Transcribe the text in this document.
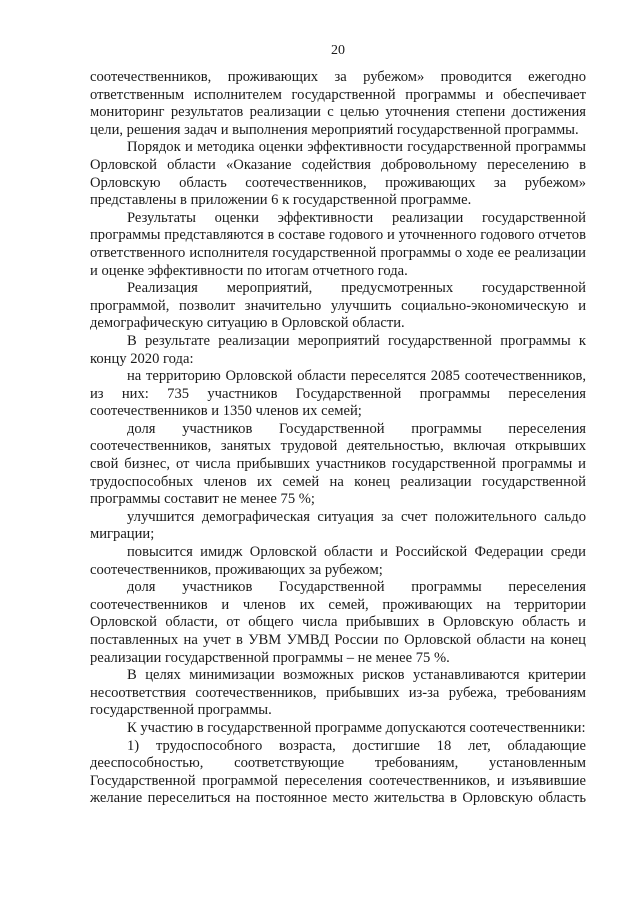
20

соотечественников, проживающих за рубежом» проводится ежегодно ответственным исполнителем государственной программы и обеспечивает мониторинг результатов реализации с целью уточнения степени достижения цели, решения задач и выполнения мероприятий государственной программы.

Порядок и методика оценки эффективности государственной программы Орловской области «Оказание содействия добровольному переселению в Орловскую область соотечественников, проживающих за рубежом» представлены в приложении 6 к государственной программе.

Результаты оценки эффективности реализации государственной программы представляются в составе годового и уточненного годового отчетов ответственного исполнителя государственной программы о ходе ее реализации и оценке эффективности по итогам отчетного года.

Реализация мероприятий, предусмотренных государственной программой, позволит значительно улучшить социально-экономическую и демографическую ситуацию в Орловской области.

В результате реализации мероприятий государственной программы к концу 2020 года:

на территорию Орловской области переселятся 2085 соотечественников, из них: 735 участников Государственной программы переселения соотечественников и 1350 членов их семей;

доля участников Государственной программы переселения соотечественников, занятых трудовой деятельностью, включая открывших свой бизнес, от числа прибывших участников государственной программы и трудоспособных членов их семей на конец реализации государственной программы составит не менее 75 %;

улучшится демографическая ситуация за счет положительного сальдо миграции;

повысится имидж Орловской области и Российской Федерации среди соотечественников, проживающих за рубежом;

доля участников Государственной программы переселения соотечественников и членов их семей, проживающих на территории Орловской области, от общего числа прибывших в Орловскую область и поставленных на учет в УВМ УМВД России по Орловской области на конец реализации государственной программы – не менее 75 %.

В целях минимизации возможных рисков устанавливаются критерии несоответствия соотечественников, прибывших из-за рубежа, требованиям государственной программы.

К участию в государственной программе допускаются соотечественники:

1) трудоспособного возраста, достигшие 18 лет, обладающие дееспособностью, соответствующие требованиям, установленным Государственной программой переселения соотечественников, и изъявившие желание переселиться на постоянное место жительства в Орловскую область
